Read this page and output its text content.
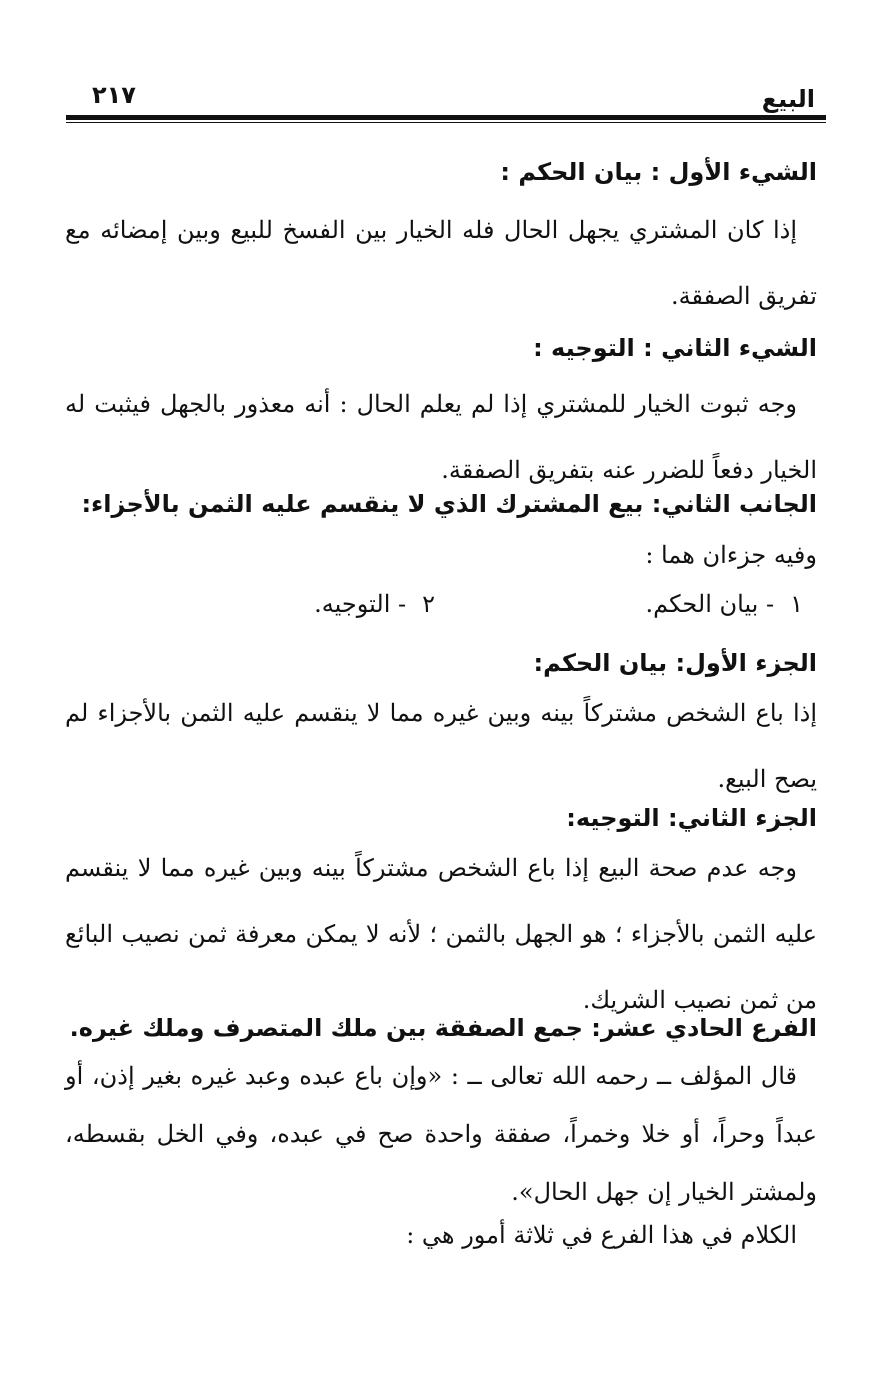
البيع
٢١٧
الشيء الأول : بيان الحكم :
إذا كان المشتري يجهل الحال فله الخيار بين الفسخ للبيع وبين إمضائه مع تفريق الصفقة.
الشيء الثاني : التوجيه :
وجه ثبوت الخيار للمشتري إذا لم يعلم الحال : أنه معذور بالجهل فيثبت له الخيار دفعاً للضرر عنه بتفريق الصفقة.
الجانب الثاني: بيع المشترك الذي لا ينقسم عليه الثمن بالأجزاء:
وفيه جزءان هما :
١- بيان الحكم.
٢- التوجيه.
الجزء الأول: بيان الحكم:
إذا باع الشخص مشتركاً بينه وبين غيره مما لا ينقسم عليه الثمن بالأجزاء لم يصح البيع.
الجزء الثاني: التوجيه:
وجه عدم صحة البيع إذا باع الشخص مشتركاً بينه وبين غيره مما لا ينقسم عليه الثمن بالأجزاء ؛ هو الجهل بالثمن ؛ لأنه لا يمكن معرفة ثمن نصيب البائع من ثمن نصيب الشريك.
الفرع الحادي عشر: جمع الصفقة بين ملك المتصرف وملك غيره.
قال المؤلف ــ رحمه الله تعالى ــ : «وإن باع عبده وعبد غيره بغير إذن، أو عبداً وحراً، أو خلا وخمراً، صفقة واحدة صح في عبده، وفي الخل بقسطه، ولمشتر الخيار إن جهل الحال».
الكلام في هذا الفرع في ثلاثة أمور هي :
